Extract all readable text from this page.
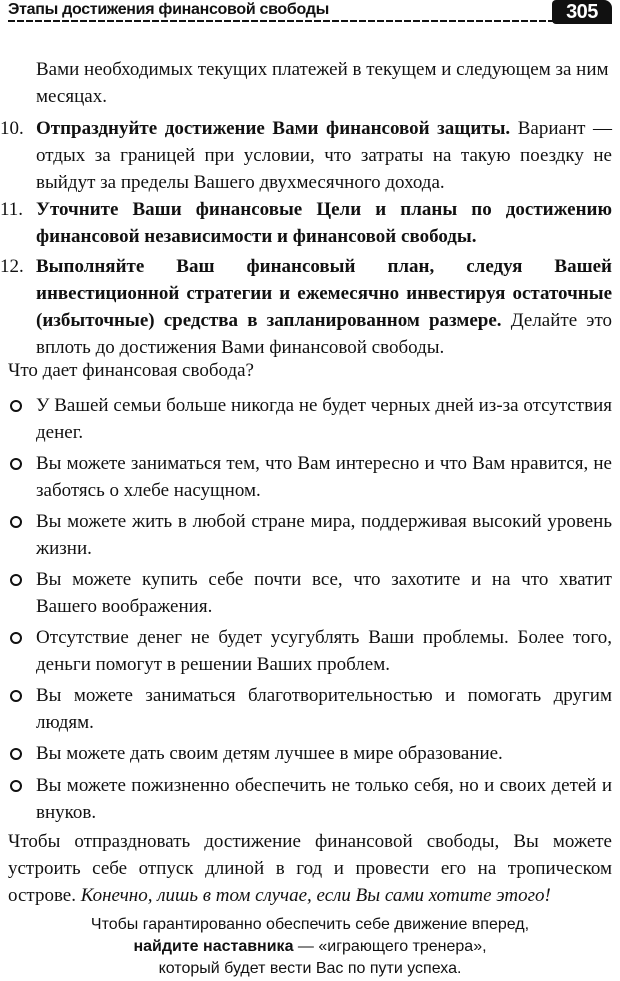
Этапы достижения финансовой свободы	305
Вами необходимых текущих платежей в текущем и следующем за ним месяцах.
10. Отпразднуйте достижение Вами финансовой защиты. Вариант — отдых за границей при условии, что затраты на такую поездку не выйдут за пределы Вашего двухмесячного дохода.
11. Уточните Ваши финансовые Цели и планы по достижению финансовой независимости и финансовой свободы.
12. Выполняйте Ваш финансовый план, следуя Вашей инвестиционной стратегии и ежемесячно инвестируя остаточные (избыточные) средства в запланированном размере. Делайте это вплоть до достижения Вами финансовой свободы.
Что дает финансовая свобода?
У Вашей семьи больше никогда не будет черных дней из-за отсутствия денег.
Вы можете заниматься тем, что Вам интересно и что Вам нравится, не заботясь о хлебе насущном.
Вы можете жить в любой стране мира, поддерживая высокий уровень жизни.
Вы можете купить себе почти все, что захотите и на что хватит Вашего воображения.
Отсутствие денег не будет усугублять Ваши проблемы. Более того, деньги помогут в решении Ваших проблем.
Вы можете заниматься благотворительностью и помогать другим людям.
Вы можете дать своим детям лучшее в мире образование.
Вы можете пожизненно обеспечить не только себя, но и своих детей и внуков.
Чтобы отпраздновать достижение финансовой свободы, Вы можете устроить себе отпуск длиной в год и провести его на тропическом острове. Конечно, лишь в том случае, если Вы сами хотите этого!
Чтобы гарантированно обеспечить себе движение вперед,
найдите наставника — «играющего тренера»,
который будет вести Вас по пути успеха.
